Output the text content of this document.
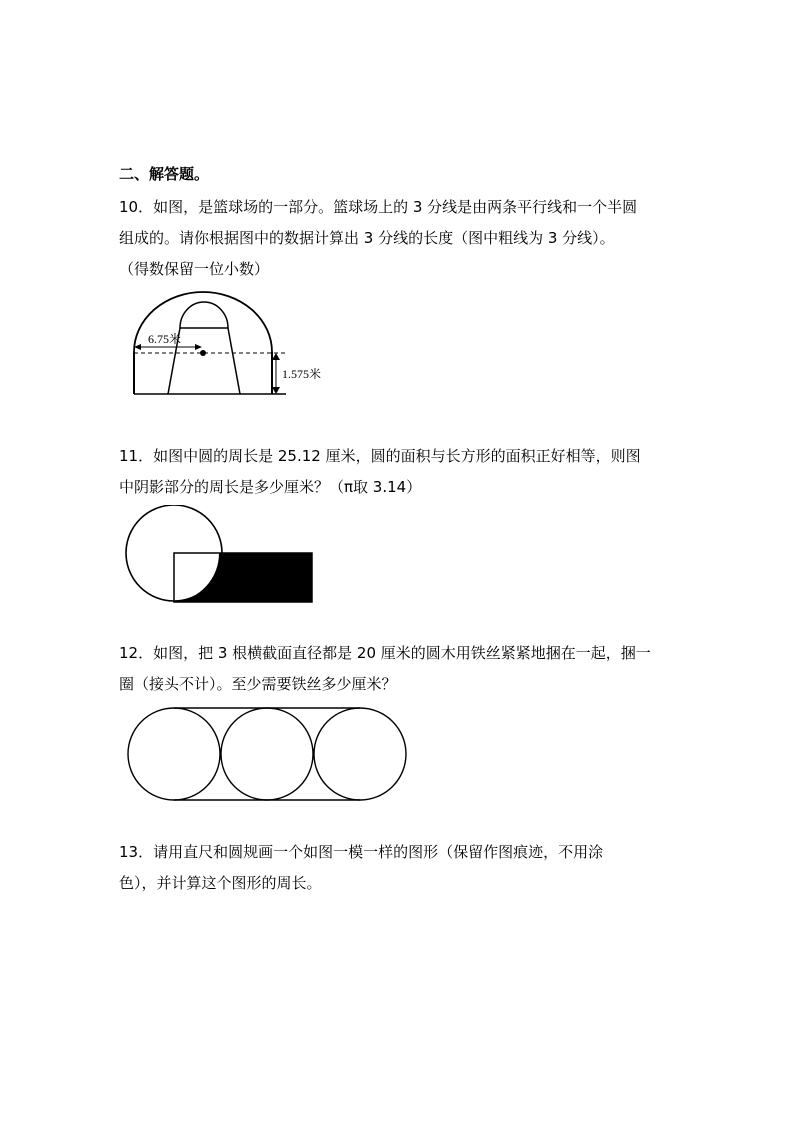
二、解答题。
10．如图，是篮球场的一部分。篮球场上的 3 分线是由两条平行线和一个半圆
组成的。请你根据图中的数据计算出 3 分线的长度（图中粗线为 3 分线）。
（得数保留一位小数）
6.75米
1.575米
11．如图中圆的周长是 25.12 厘米，圆的面积与长方形的面积正好相等，则图
中阴影部分的周长是多少厘米？（π取 3.14）
12．如图，把 3 根横截面直径都是 20 厘米的圆木用铁丝紧紧地捆在一起，捆一
圈（接头不计）。至少需要铁丝多少厘米？
13．请用直尺和圆规画一个如图一模一样的图形（保留作图痕迹，不用涂
色），并计算这个图形的周长。
